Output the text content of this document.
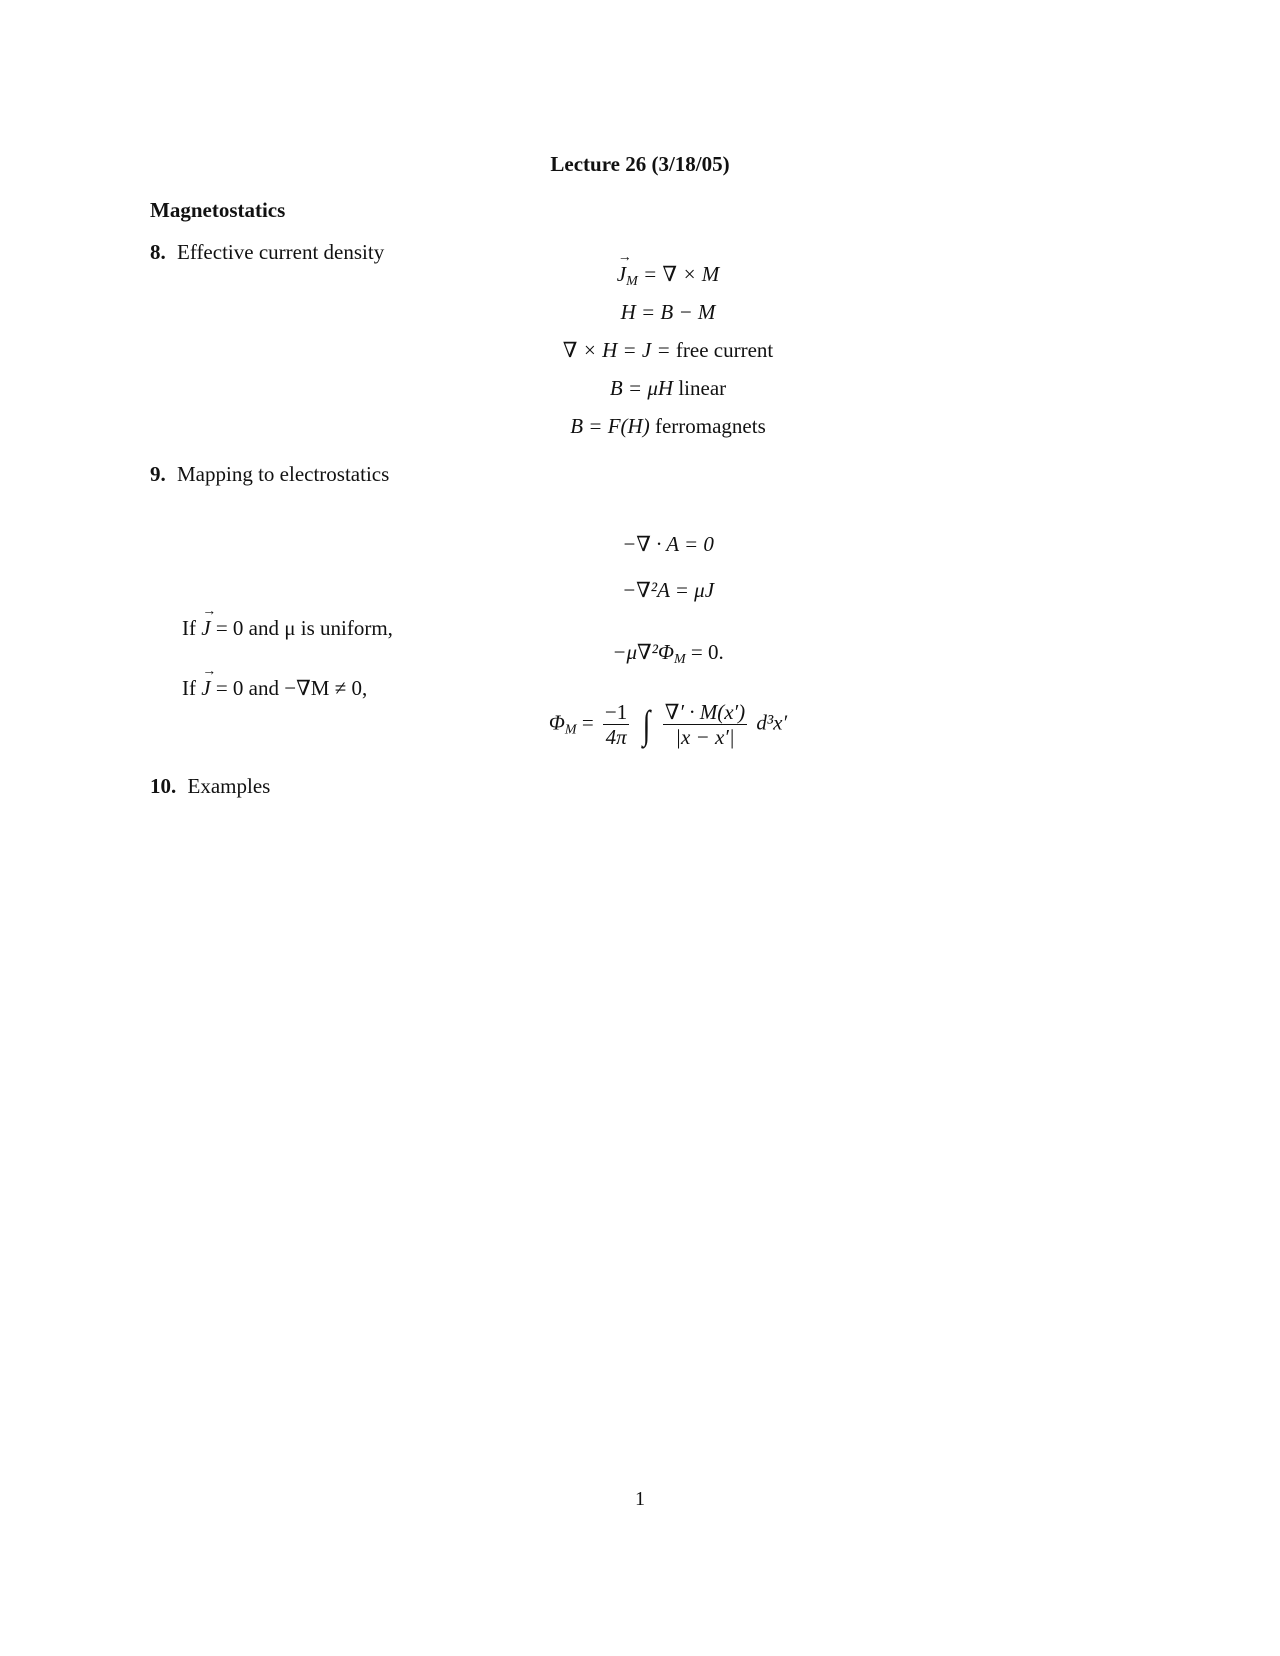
Lecture 26 (3/18/05)
Magnetostatics
8. Effective current density
→ $J_M$ = ∇ × M
H = B − M
∇ × H = J = free current
B = μH linear
B = F(H) ferromagnets
9. Mapping to electrostatics
−∇ · A = 0
−∇²A = μJ
If → J = 0 and μ is uniform,
$-\mu\nabla^2\Phi_M = 0$.
If → J = 0 and −∇M ≠ 0,
$\Phi_M = \frac{-1}{4\pi}$ ∫ $\frac{\nabla' \cdot M(x')}{|x - x'|} d^3x'$
10. Examples
1
